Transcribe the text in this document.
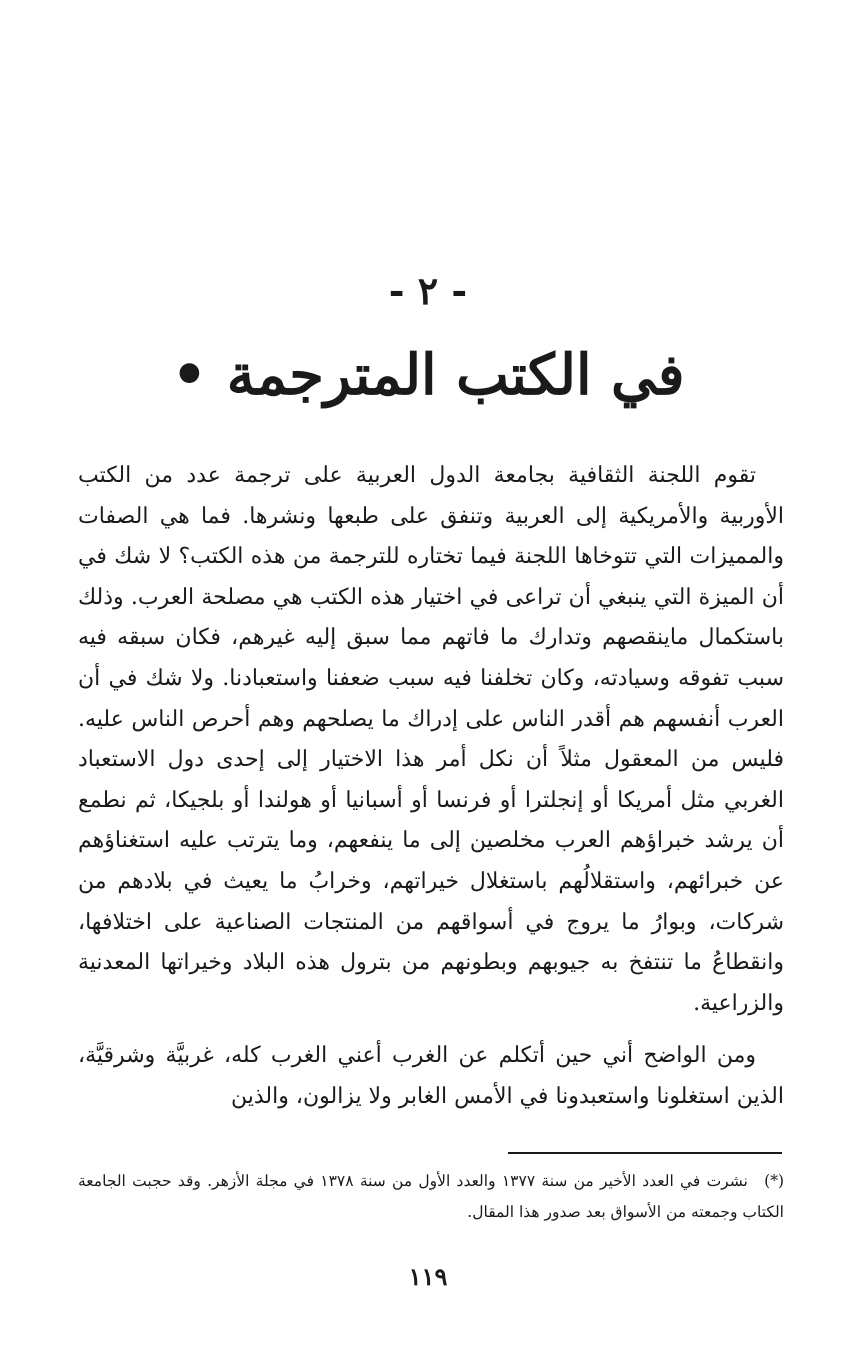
- ٢ -
في الكتب المترجمة •

تقوم اللجنة الثقافية بجامعة الدول العربية على ترجمة عدد من الكتب الأوربية والأمريكية إلى العربية وتنفق على طبعها ونشرها. فما هي الصفات والمميزات التي تتوخاها اللجنة فيما تختاره للترجمة من هذه الكتب؟ لا شك في أن الميزة التي ينبغي أن تراعى في اختيار هذه الكتب هي مصلحة العرب. وذلك باستكمال ماينقصهم وتدارك ما فاتهم مما سبق إليه غيرهم، فكان سبقه فيه سبب تفوقه وسيادته، وكان تخلفنا فيه سبب ضعفنا واستعبادنا. ولا شك في أن العرب أنفسهم هم أقدر الناس على إدراك ما يصلحهم وهم أحرص الناس عليه. فليس من المعقول مثلاً أن نكل أمر هذا الاختيار إلى إحدى دول الاستعباد الغربي مثل أمريكا أو إنجلترا أو فرنسا أو أسبانيا أو هولندا أو بلجيكا، ثم نطمع أن يرشد خبراؤهم العرب مخلصين إلى ما ينفعهم، وما يترتب عليه استغناؤهم عن خبرائهم، واستقلالُهم باستغلال خيراتهم، وخرابُ ما يعيث في بلادهم من شركات، وبوارُ ما يروج في أسواقهم من المنتجات الصناعية على اختلافها، وانقطاعُ ما تنتفخ به جيوبهم وبطونهم من بترول هذه البلاد وخيراتها المعدنية والزراعية.

ومن الواضح أني حين أتكلم عن الغرب أعني الغرب كله، غربيَّة وشرقيَّة، الذين استغلونا واستعبدونا في الأمس الغابر ولا يزالون، والذين

(*) نشرت في العدد الأخير من سنة ١٣٧٧ والعدد الأول من سنة ١٣٧٨ في مجلة الأزهر. وقد حجبت الجامعة الكتاب وجمعته من الأسواق بعد صدور هذا المقال.
١١٩
